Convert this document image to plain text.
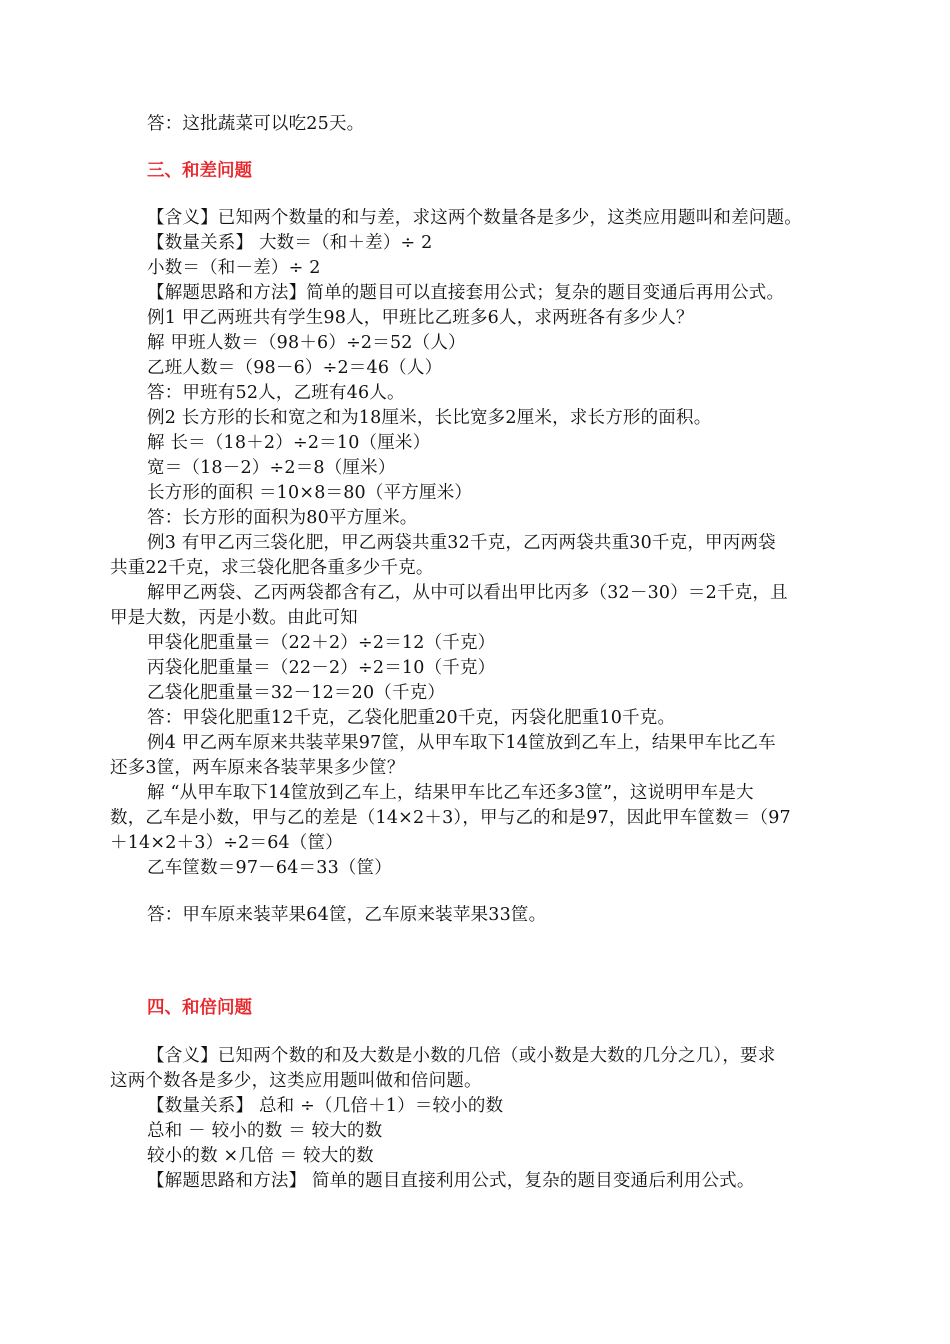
答：这批蔬菜可以吃25天。
三、和差问题
【含义】已知两个数量的和与差，求这两个数量各是多少，这类应用题叫和差问题。
【数量关系】 大数＝（和＋差）÷ 2
小数＝（和－差）÷ 2
【解题思路和方法】简单的题目可以直接套用公式；复杂的题目变通后再用公式。
例1 甲乙两班共有学生98人，甲班比乙班多6人，求两班各有多少人？
解 甲班人数＝（98＋6）÷2＝52（人）
乙班人数＝（98－6）÷2＝46（人）
答：甲班有52人，乙班有46人。
例2 长方形的长和宽之和为18厘米，长比宽多2厘米，求长方形的面积。
解 长＝（18＋2）÷2＝10（厘米）
宽＝（18－2）÷2＝8（厘米）
长方形的面积 ＝10×8＝80（平方厘米）
答：长方形的面积为80平方厘米。
例3 有甲乙丙三袋化肥，甲乙两袋共重32千克，乙丙两袋共重30千克，甲丙两袋
共重22千克，求三袋化肥各重多少千克。
解甲乙两袋、乙丙两袋都含有乙，从中可以看出甲比丙多（32－30）＝2千克，且
甲是大数，丙是小数。由此可知
甲袋化肥重量＝（22＋2）÷2＝12（千克）
丙袋化肥重量＝（22－2）÷2＝10（千克）
乙袋化肥重量＝32－12＝20（千克）
答：甲袋化肥重12千克，乙袋化肥重20千克，丙袋化肥重10千克。
例4 甲乙两车原来共装苹果97筐，从甲车取下14筐放到乙车上，结果甲车比乙车
还多3筐，两车原来各装苹果多少筐？
解 “从甲车取下14筐放到乙车上，结果甲车比乙车还多3筐”，这说明甲车是大
数，乙车是小数，甲与乙的差是（14×2＋3），甲与乙的和是97，因此甲车筐数＝（97
＋14×2＋3）÷2＝64（筐）
乙车筐数＝97－64＝33（筐）
答：甲车原来装苹果64筐，乙车原来装苹果33筐。
四、和倍问题
【含义】已知两个数的和及大数是小数的几倍（或小数是大数的几分之几），要求
这两个数各是多少，这类应用题叫做和倍问题。
【数量关系】 总和 ÷（几倍＋1）＝较小的数
总和 － 较小的数 ＝ 较大的数
较小的数 ×几倍 ＝ 较大的数
【解题思路和方法】 简单的题目直接利用公式，复杂的题目变通后利用公式。
